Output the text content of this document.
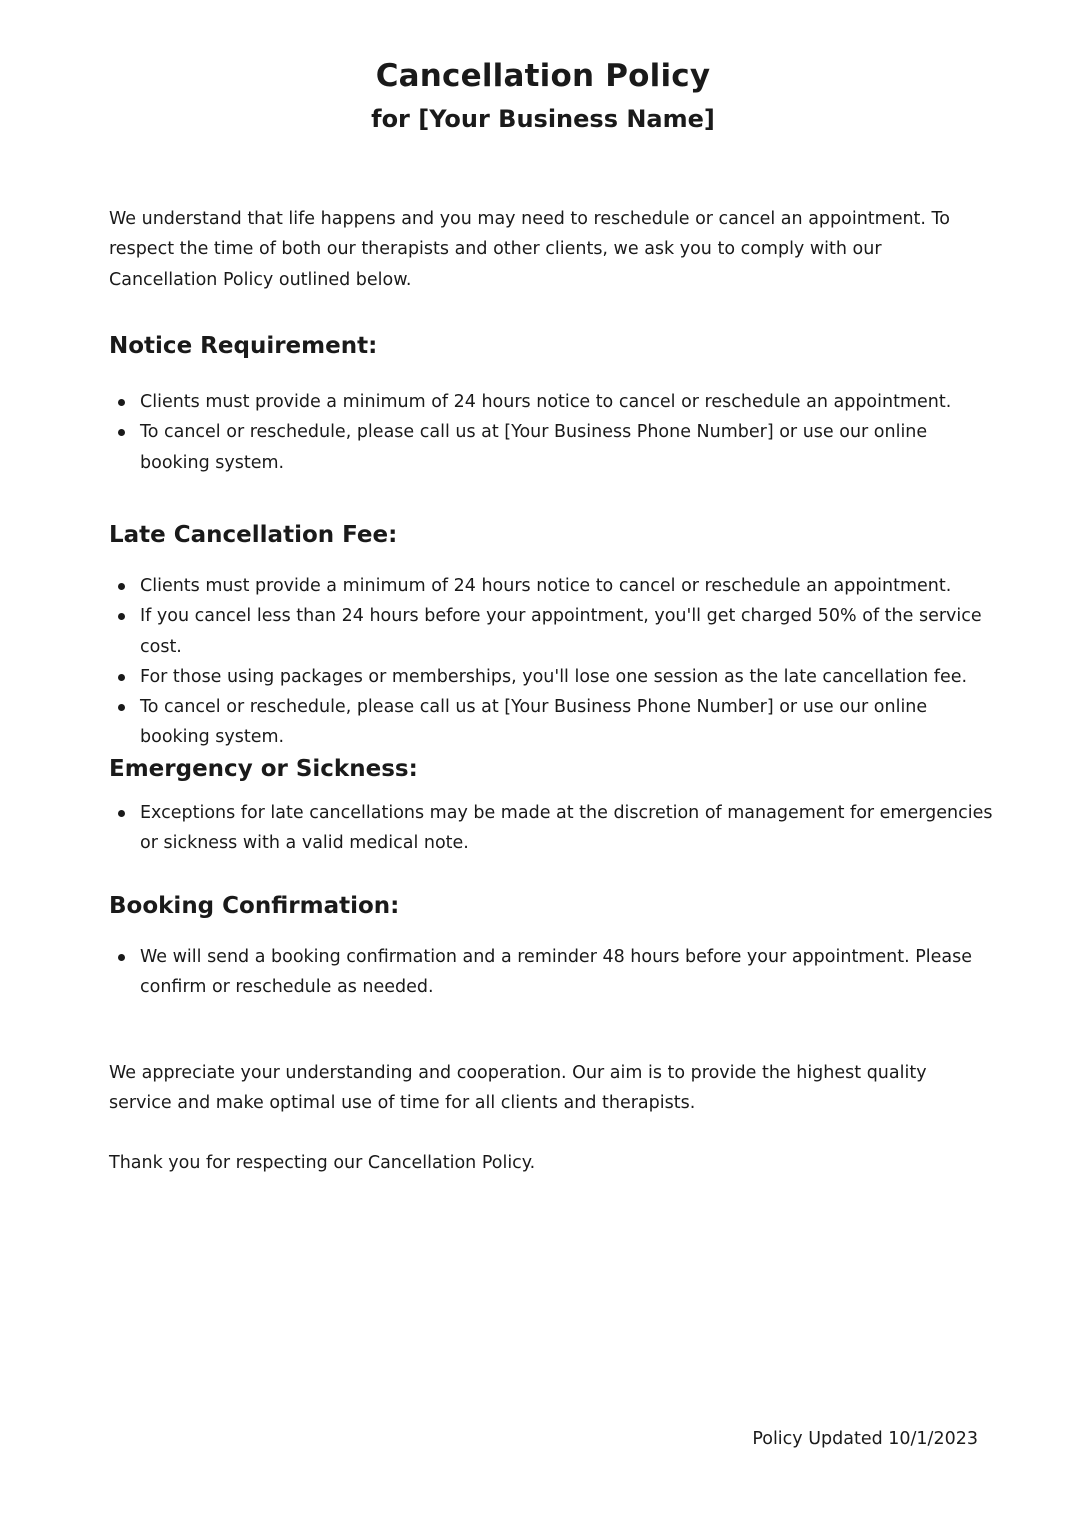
Cancellation Policy
for [Your Business Name]

We understand that life happens and you may need to reschedule or cancel an appointment. To respect the time of both our therapists and other clients, we ask you to comply with our Cancellation Policy outlined below.

Notice Requirement:
Clients must provide a minimum of 24 hours notice to cancel or reschedule an appointment.
To cancel or reschedule, please call us at [Your Business Phone Number] or use our online booking system.
Late Cancellation Fee:
Clients must provide a minimum of 24 hours notice to cancel or reschedule an appointment.
If you cancel less than 24 hours before your appointment, you'll get charged 50% of the service cost.
For those using packages or memberships, you'll lose one session as the late cancellation fee.
To cancel or reschedule, please call us at [Your Business Phone Number] or use our online booking system.
Emergency or Sickness:
Exceptions for late cancellations may be made at the discretion of management for emergencies or sickness with a valid medical note.
Booking Confirmation:
We will send a booking confirmation and a reminder 48 hours before your appointment. Please confirm or reschedule as needed.

We appreciate your understanding and cooperation. Our aim is to provide the highest quality service and make optimal use of time for all clients and therapists.

Thank you for respecting our Cancellation Policy.

Policy Updated 10/1/2023
